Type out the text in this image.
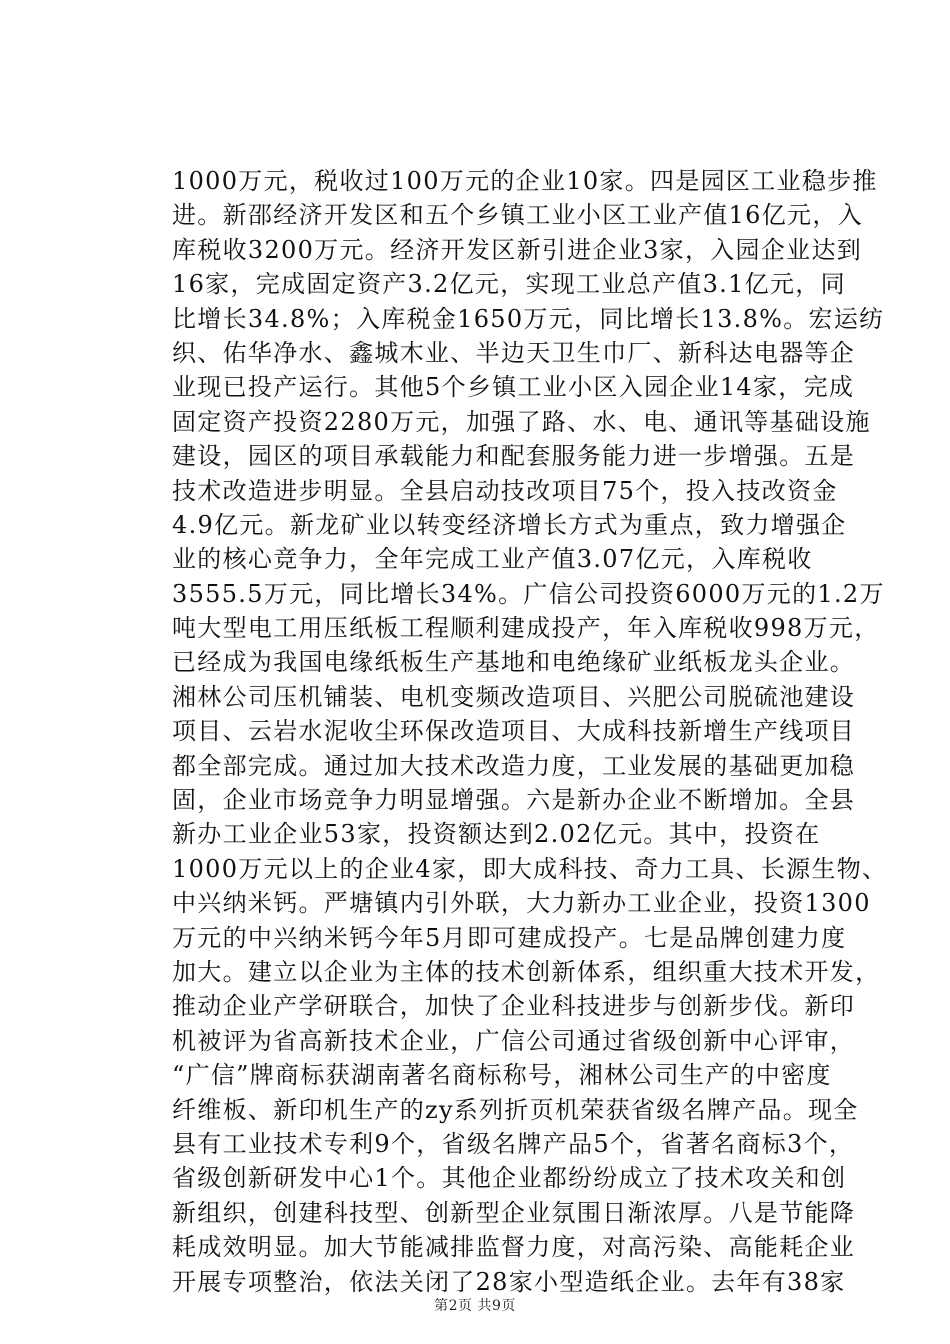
1000万元，税收过100万元的企业10家。四是园区工业稳步推
进。新邵经济开发区和五个乡镇工业小区工业产值16亿元，入
库税收3200万元。经济开发区新引进企业3家，入园企业达到
16家，完成固定资产3.2亿元，实现工业总产值3.1亿元，同
比增长34.8%；入库税金1650万元，同比增长13.8%。宏运纺
织、佑华净水、鑫城木业、半边天卫生巾厂、新科达电器等企
业现已投产运行。其他5个乡镇工业小区入园企业14家，完成
固定资产投资2280万元，加强了路、水、电、通讯等基础设施
建设，园区的项目承载能力和配套服务能力进一步增强。五是
技术改造进步明显。全县启动技改项目75个，投入技改资金
4.9亿元。新龙矿业以转变经济增长方式为重点，致力增强企
业的核心竞争力，全年完成工业产值3.07亿元，入库税收
3555.5万元，同比增长34%。广信公司投资6000万元的1.2万
吨大型电工用压纸板工程顺利建成投产，年入库税收998万元，
已经成为我国电缘纸板生产基地和电绝缘矿业纸板龙头企业。
湘林公司压机铺装、电机变频改造项目、兴肥公司脱硫池建设
项目、云岩水泥收尘环保改造项目、大成科技新增生产线项目
都全部完成。通过加大技术改造力度，工业发展的基础更加稳
固，企业市场竞争力明显增强。六是新办企业不断增加。全县
新办工业企业53家，投资额达到2.02亿元。其中，投资在
1000万元以上的企业4家，即大成科技、奇力工具、长源生物、
中兴纳米钙。严塘镇内引外联，大力新办工业企业，投资1300
万元的中兴纳米钙今年5月即可建成投产。七是品牌创建力度
加大。建立以企业为主体的技术创新体系，组织重大技术开发，
推动企业产学研联合，加快了企业科技进步与创新步伐。新印
机被评为省高新技术企业，广信公司通过省级创新中心评审，
“广信”牌商标获湖南著名商标称号，湘林公司生产的中密度
纤维板、新印机生产的zy系列折页机荣获省级名牌产品。现全
县有工业技术专利9个，省级名牌产品5个，省著名商标3个，
省级创新研发中心1个。其他企业都纷纷成立了技术攻关和创
新组织，创建科技型、创新型企业氛围日渐浓厚。八是节能降
耗成效明显。加大节能减排监督力度，对高污染、高能耗企业
开展专项整治，依法关闭了28家小型造纸企业。去年有38家
第2页 共9页
